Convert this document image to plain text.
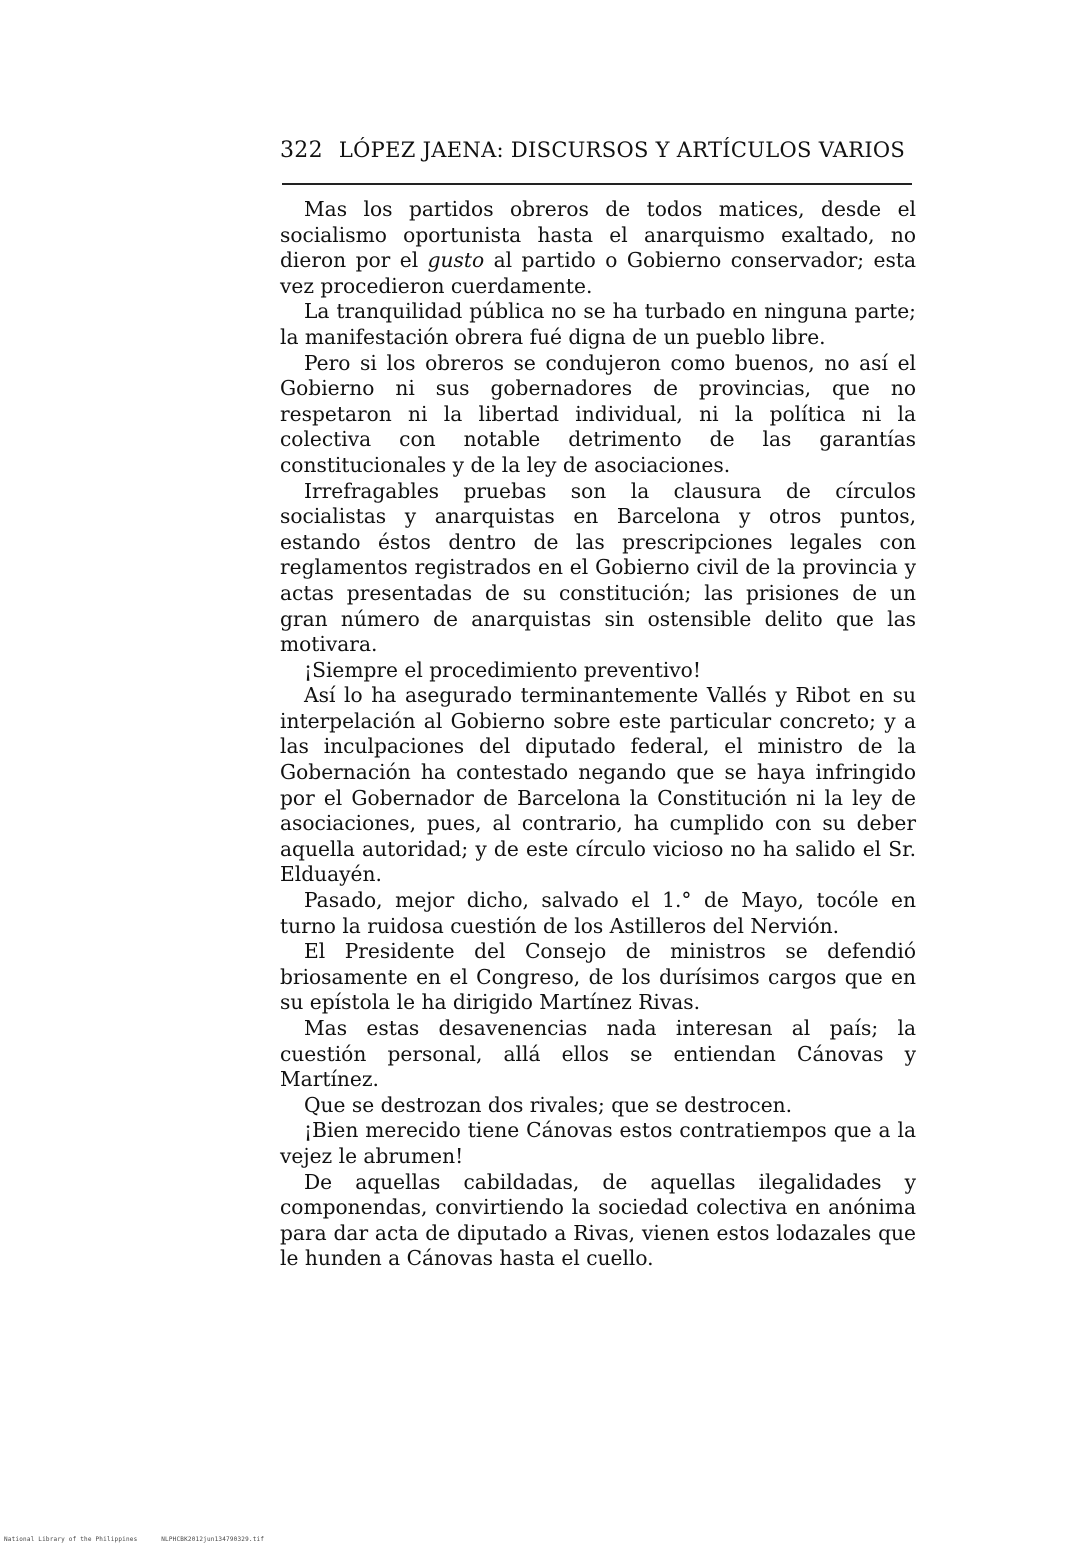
322 LÓPEZ JAENA: DISCURSOS Y ARTÍCULOS VARIOS

Mas los partidos obreros de todos matices, desde el socialismo oportunista hasta el anarquismo exaltado, no dieron por el gusto al partido o Gobierno conservador; esta vez procedieron cuerdamente.

La tranquilidad pública no se ha turbado en ninguna parte; la manifestación obrera fué digna de un pueblo libre.

Pero si los obreros se condujeron como buenos, no así el Gobierno ni sus gobernadores de provincias, que no respetaron ni la libertad individual, ni la política ni la colectiva con notable detrimento de las garantías constitucionales y de la ley de asociaciones.

Irrefragables pruebas son la clausura de círculos socialistas y anarquistas en Barcelona y otros puntos, estando éstos dentro de las prescripciones legales con reglamentos registrados en el Gobierno civil de la provincia y actas presentadas de su constitución; las prisiones de un gran número de anarquistas sin ostensible delito que las motivara.

¡Siempre el procedimiento preventivo!

Así lo ha asegurado terminantemente Vallés y Ribot en su interpelación al Gobierno sobre este particular concreto; y a las inculpaciones del diputado federal, el ministro de la Gobernación ha contestado negando que se haya infringido por el Gobernador de Barcelona la Constitución ni la ley de asociaciones, pues, al contrario, ha cumplido con su deber aquella autoridad; y de este círculo vicioso no ha salido el Sr. Elduayén.

Pasado, mejor dicho, salvado el 1.° de Mayo, tocóle en turno la ruidosa cuestión de los Astilleros del Nervión.

El Presidente del Consejo de ministros se defendió briosamente en el Congreso, de los durísimos cargos que en su epístola le ha dirigido Martínez Rivas.

Mas estas desavenencias nada interesan al país; la cuestión personal, allá ellos se entiendan Cánovas y Martínez.

Que se destrozan dos rivales; que se destrocen.

¡Bien merecido tiene Cánovas estos contratiempos que a la vejez le abrumen!

De aquellas cabildadas, de aquellas ilegalidades y componendas, convirtiendo la sociedad colectiva en anónima para dar acta de diputado a Rivas, vienen estos lodazales que le hunden a Cánovas hasta el cuello.

National Library of the Philippines	NLPHCBK2012jun134790329.tif
